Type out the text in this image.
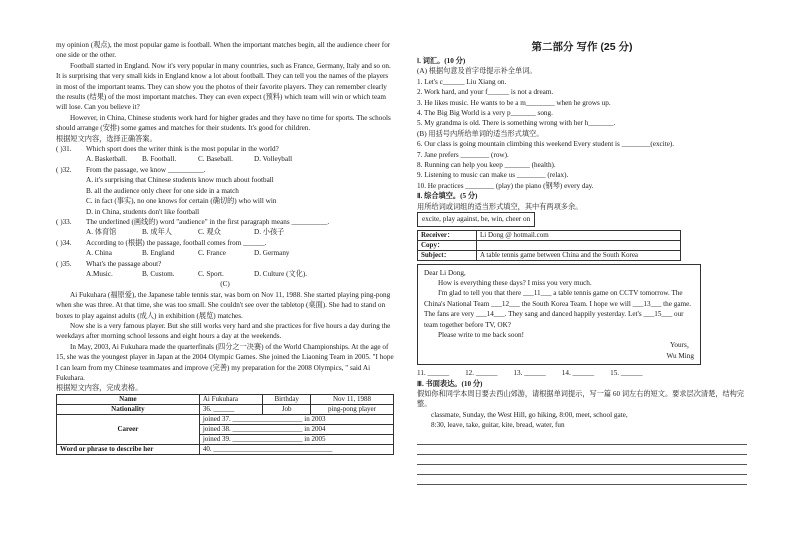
my opinion (观点), the most popular game is football. When the important matches begin, all the audience cheer for one side or the other.

Football started in England. Now it's very popular in many countries, such as France, Germany, Italy and so on. It is surprising that very small kids in England know a lot about football. They can tell you the names of the players in most of the important teams. They can show you the photos of their favorite players. They can remember clearly the results (结果) of the most important matches. They can even expect (预料) which team will win or which team will lose. Can you believe it?

However, in China, Chinese students work hard for higher grades and they have no time for sports. The schools should arrange (安排) some games and matches for their students. It's good for children.

根据短文内容，选择正确答案。

( )31.	Which sport does the writer think is the most popular in the world?
A. Basketball.	B. Football.	C. Baseball.	D. Volleyball
( )32.	From the passage, we know __________.
A. it's surprising that Chinese students know much about football
B. all the audience only cheer for one side in a match
C. in fact (事实), no one knows for certain (确切的) who will win
D. in China, students don't like football
( )33.	The underlined (画线的) word "audience" in the first paragraph means __________.
A. 体育馆	B. 成年人	C. 观众	D. 小孩子
( )34.	According to (根据) the passage, football comes from ______.
A. China	B. England	C. France	D. Germany
( )35.	What's the passage about?
A.Music.	B. Custom.	C. Sport.	D. Culture (文化).

(C)

Ai Fukuhara (福原爱), the Japanese table tennis star, was born on Nov 11, 1988. She started playing ping-pong when she was three. At that time, she was too small. She couldn't see over the tabletop (桌面). She had to stand on boxes to play against adults (成人) in exhibition (展览) matches.

Now she is a very famous player. But she still works very hard and she practices for five hours a day during the weekdays after morning school lessons and eight hours a day at the weekends.

In May, 2003, Ai Fukuhara made the quarterfinals (四分之一决赛) of the World Championships. At the age of 15, she was the youngest player in Japan at the 2004 Olympic Games. She joined the Liaoning Team in 2005. "I hope I can learn from my Chinese teammates and improve (完善) my preparation for the 2008 Olympics, " said Ai Fukuhara.

根据短文内容，完成表格。

Name	Ai Fukuhara	Birthday	Nov 11, 1988
Nationality	36. ______	Job	ping-pong player
Career	joined 37. ____________________ in 2003		
	joined 38. ____________________ in 2004		
	joined 39. ____________________ in 2005		
Word or phrase to describe her	40. __________________________________		
第二部分 写作 (25 分)

Ⅰ. 词汇。(10 分)

(A) 根据句意及首字母提示补全单词。

1. Let's c______ Liu Xiang on.

2. Work hard, and your f______ is not a dream.

3. He likes music. He wants to be a m________ when he grows up.

4. The Big Big World is a very p_______ song.

5. My grandma is old. There is something wrong with her h_______.

(B) 用括号内所给单词的适当形式填空。

6. Our class is going mountain climbing this weekend Every student is ________(excite).

7. Jane prefers ________ (row).

8. Running can help you keep _______ (health).

9. Listening to music can make us ________ (relax).

10. He practices ________ (play) the piano (钢琴) every day.

Ⅱ. 综合填空。(5 分)

用所给词或词组的适当形式填空，其中有两项多余。

excite, play against, be, win, cheer on
Receiver：	Li Dong @ hotmail.com
Copy：	
Subject：	A table tennis game between China and the South Korea

Dear Li Dong,

How is everything these days? I miss you very much.

I'm glad to tell you that there ___11___ a table tennis game on CCTV tomorrow. The China's National Team ___12___ the South Korea Team. I hope we will ___13___ the game. The fans are very ___14___. They sang and danced happily yesterday. Let's ___15___ our team together before TV, OK?

Please write to me back soon!

Yours，

Wu Ming

11. ______ 12. ______ 13. ______ 14. ______ 15. ______

Ⅲ. 书面表达。(10 分)

假如你和同学本周日要去西山郊游，请根据单词提示，写一篇 60 词左右的短文。要求层次清楚，结构完整。

classmate, Sunday, the West Hill, go hiking, 8:00, meet, school gate,

8:30, leave, take, guitar, kite, bread, water, fun
